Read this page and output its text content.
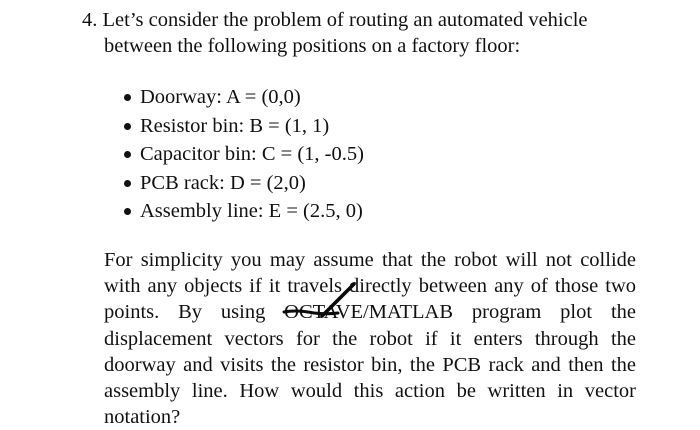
4. Let’s consider the problem of routing an automated vehicle
between the following positions on a factory floor:
Doorway: A = (0,0)
Resistor bin: B = (1, 1)
Capacitor bin: C = (1, -0.5)
PCB rack: D = (2,0)
Assembly line: E = (2.5, 0)
For simplicity you may assume that the robot will not collide
with any objects if it travels directly between any of those two
points. By using OCTAVE/MATLAB program plot the
displacement vectors for the robot if it enters through the
doorway and visits the resistor bin, the PCB rack and then the
assembly line. How would this action be written in vector
notation?
